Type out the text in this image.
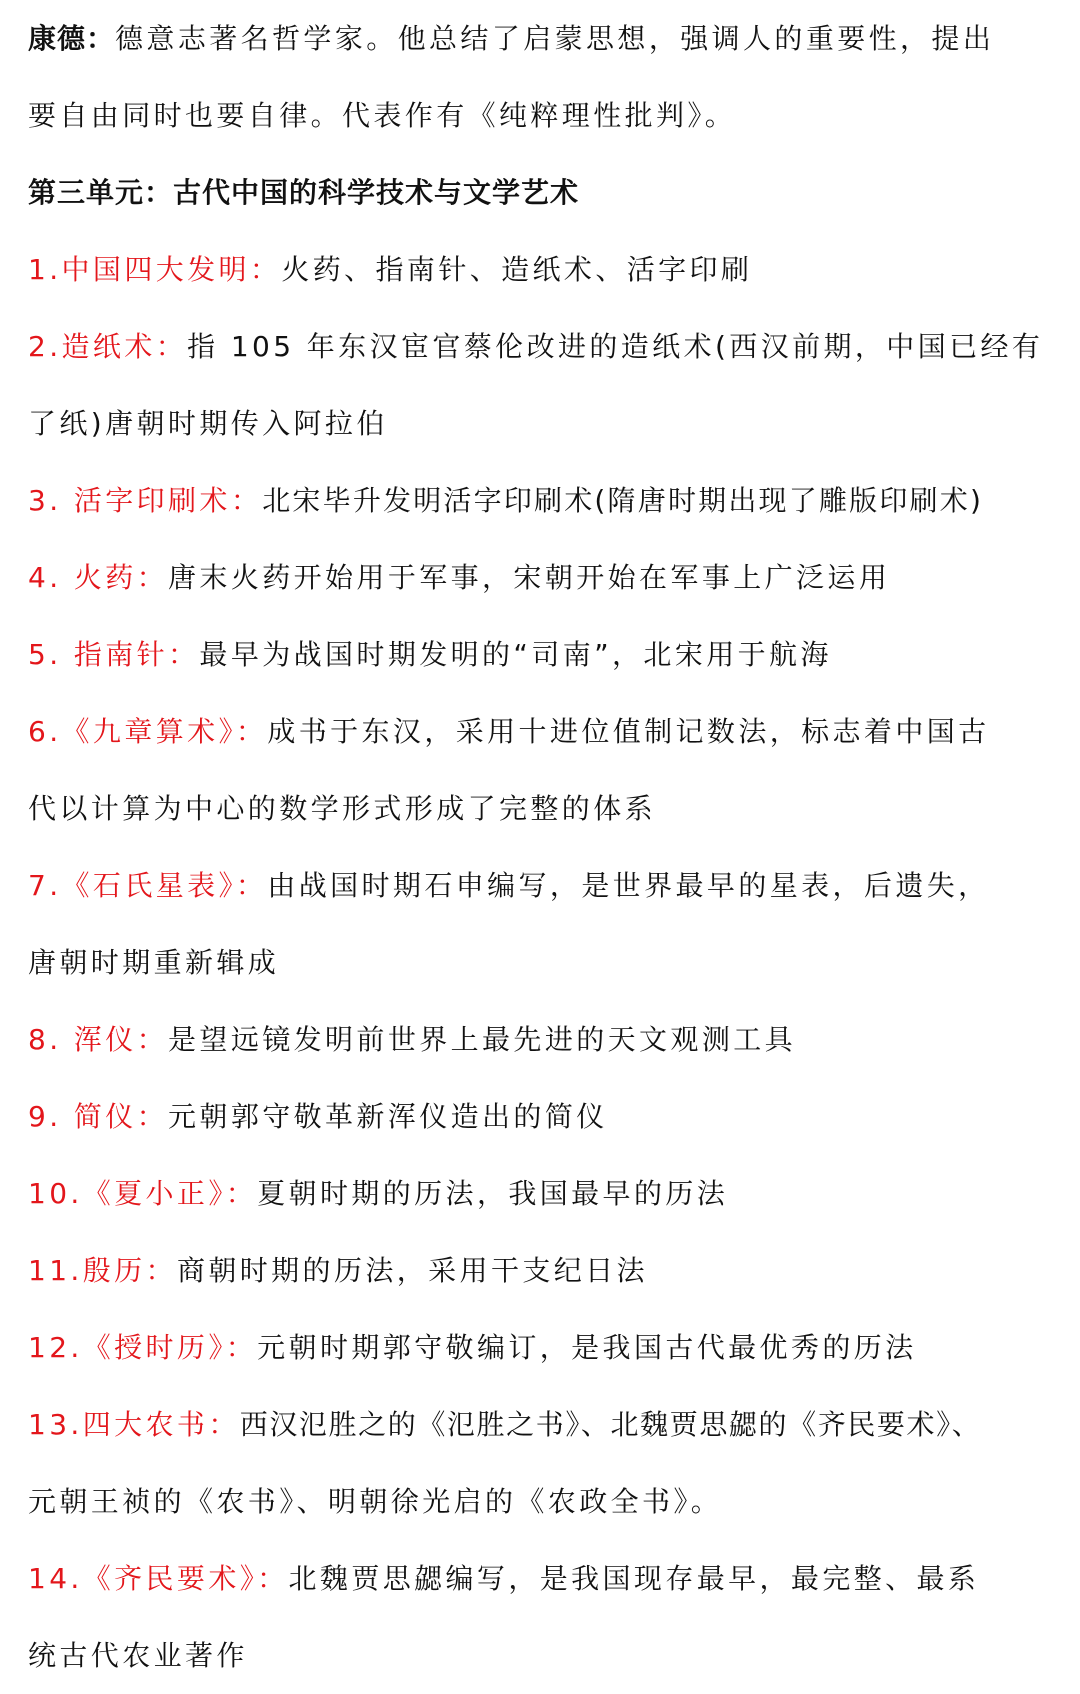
康德：德意志著名哲学家。他总结了启蒙思想，强调人的重要性，提出
要自由同时也要自律。代表作有《纯粹理性批判》。
第三单元：古代中国的科学技术与文学艺术
1.中国四大发明：火药、指南针、造纸术、活字印刷
2.造纸术：指 105 年东汉宦官蔡伦改进的造纸术(西汉前期，中国已经有
了纸)唐朝时期传入阿拉伯
3. 活字印刷术：北宋毕升发明活字印刷术(隋唐时期出现了雕版印刷术)
4. 火药：唐末火药开始用于军事，宋朝开始在军事上广泛运用
5. 指南针：最早为战国时期发明的“司南”，北宋用于航海
6.《九章算术》：成书于东汉，采用十进位值制记数法，标志着中国古
代以计算为中心的数学形式形成了完整的体系
7.《石氏星表》：由战国时期石申编写，是世界最早的星表，后遗失，
唐朝时期重新辑成
8. 浑仪：是望远镜发明前世界上最先进的天文观测工具
9. 简仪：元朝郭守敬革新浑仪造出的简仪
10.《夏小正》：夏朝时期的历法，我国最早的历法
11.殷历：商朝时期的历法，采用干支纪日法
12.《授时历》：元朝时期郭守敬编订，是我国古代最优秀的历法
13.四大农书：西汉氾胜之的《氾胜之书》、北魏贾思勰的《齐民要术》、
元朝王祯的《农书》、明朝徐光启的《农政全书》。
14.《齐民要术》：北魏贾思勰编写，是我国现存最早，最完整、最系
统古代农业著作
